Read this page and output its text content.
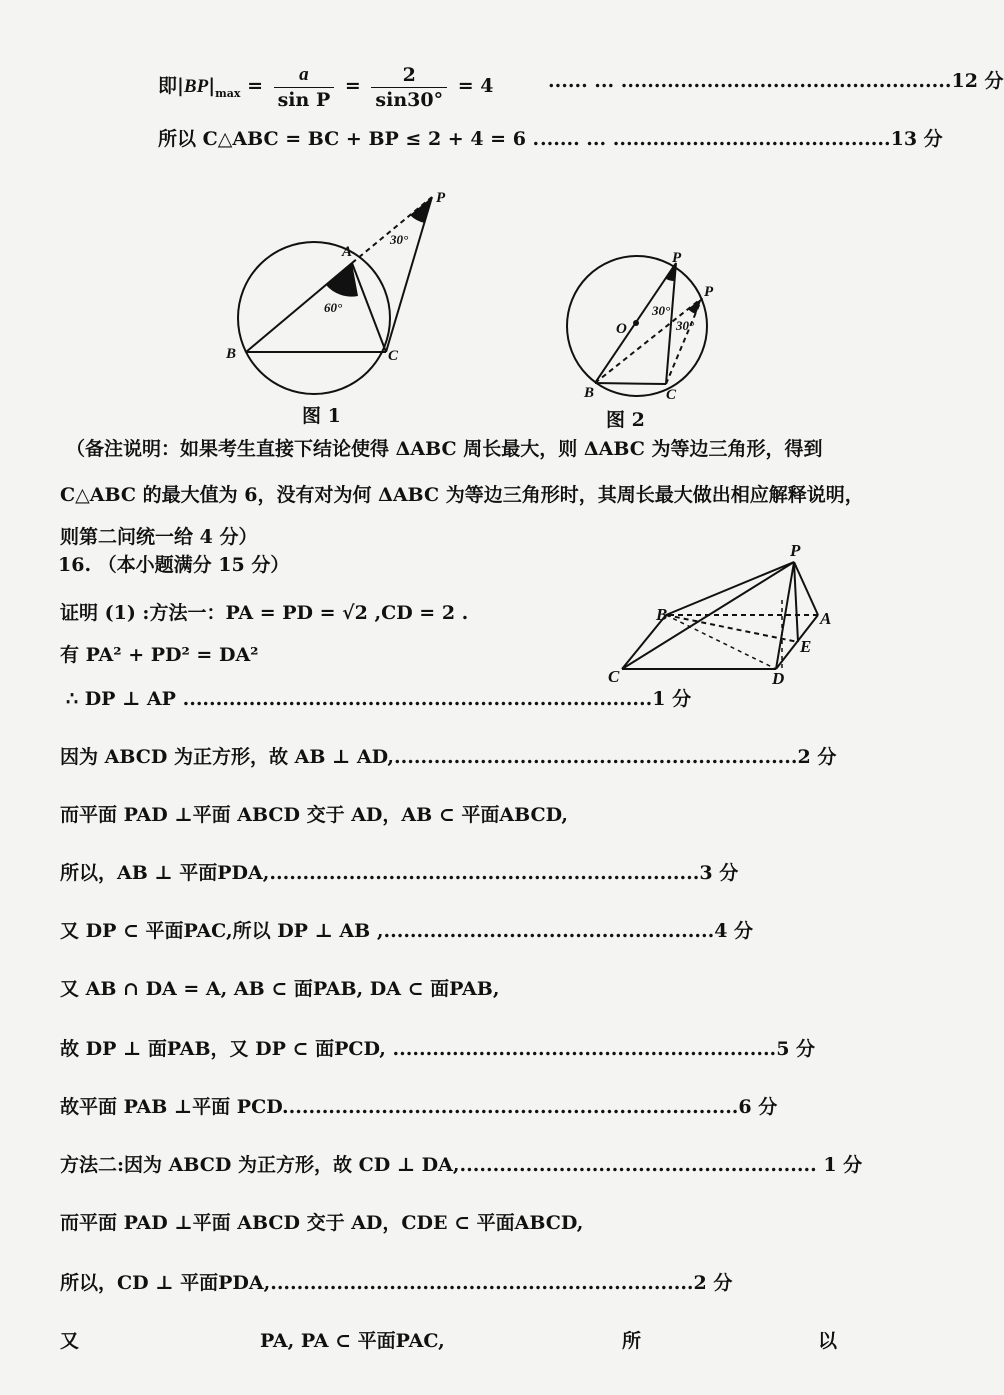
即$|BP|_{max} = \frac{a}{\text{sin P}} = \frac{2}{\sin 30^\circ} = 4$	...... ... ..................................................12 分
所以 C△ABC = BC + BP ≤ 2 + 4 = 6 . ...... ... ..........................................13 分
A
B	C
P
60°
30°
O
B	C
P
P
30°
30°
P
A
B
C	D
E
图 1	图 2
（备注说明：如果考生直接下结论使得 ΔABC 周长最大，则 ΔABC 为等边三角形，得到
C△ABC 的最大值为 6，没有对为何 ΔABC 为等边三角形时，其周长最大做出相应解释说明，
则第二问统一给 4 分）
16. （本小题满分 15 分）
证明 (1) :方法一：PA = PD = √2 ,CD = 2 .
有 PA² + PD² = DA²
∴ DP ⊥ AP .......................................................................1 分
因为 ABCD 为正方形，故 AB ⊥ AD,.............................................................2 分
而平面 PAD ⊥平面 ABCD 交于 AD，AB ⊂ 平面ABCD,
所以，AB ⊥ 平面PDA,.................................................................3 分
又 DP ⊂ 平面PAC,所以 DP ⊥ AB ,..................................................4 分
又 AB ∩ DA = A, AB ⊂ 面PAB, DA ⊂ 面PAB,
故 DP ⊥ 面PAB，又 DP ⊂ 面PCD, ..........................................................5 分
故平面 PAB ⊥平面 PCD.....................................................................6 分
方法二:因为 ABCD 为正方形，故 CD ⊥ DA,...................................................... 1 分
而平面 PAD ⊥平面 ABCD 交于 AD，CDE ⊂ 平面ABCD,
所以，CD ⊥ 平面PDA,................................................................2 分
又	PA, PA ⊂ 平面PAC,	所	以
